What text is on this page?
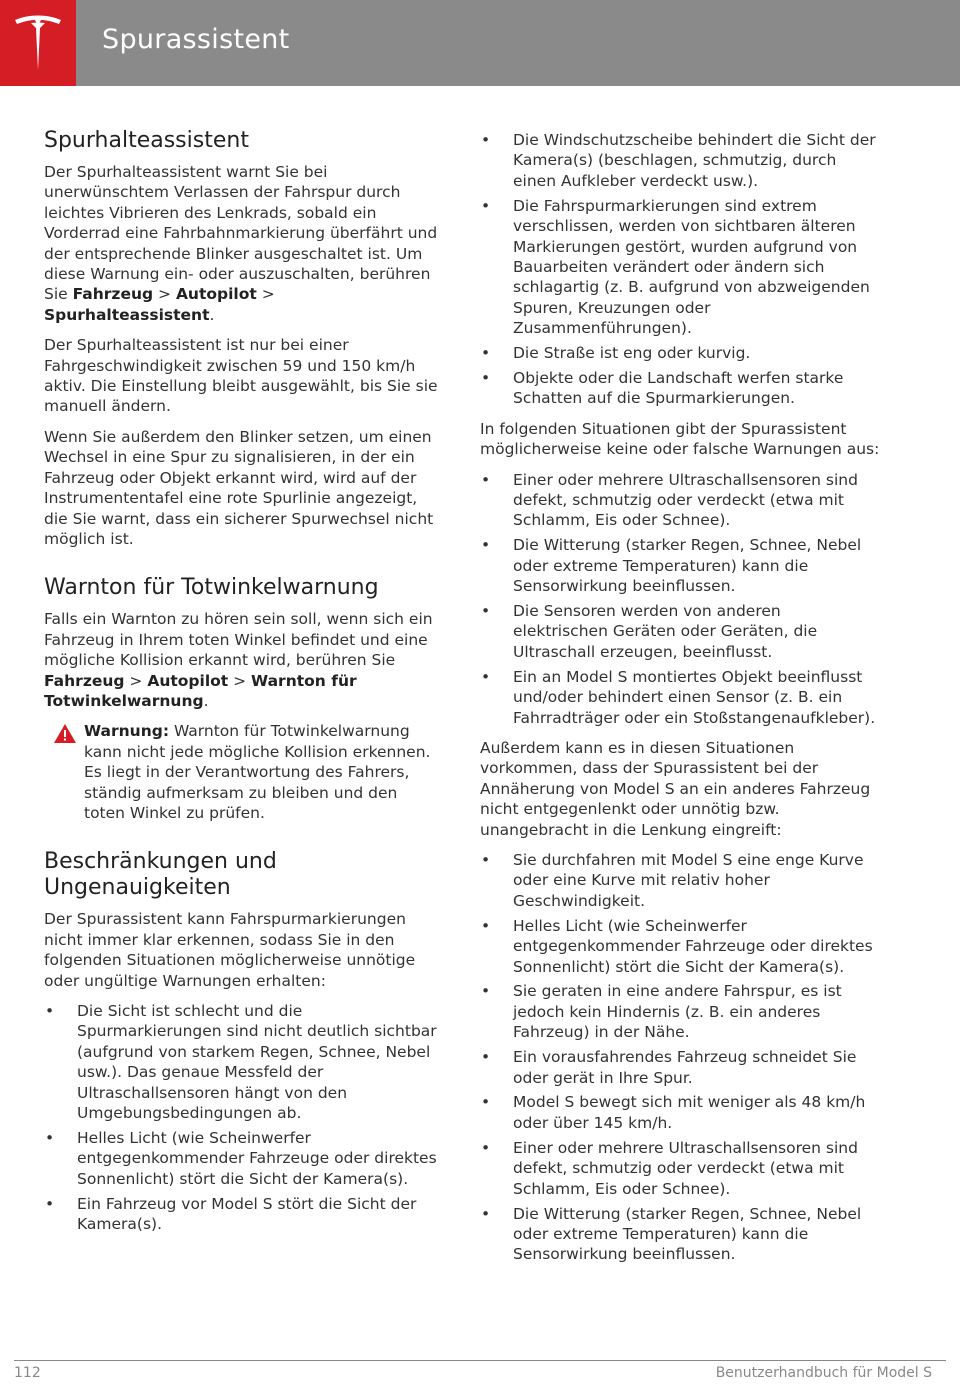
Spurassistent
Spurhalteassistent

Der Spurhalteassistent warnt Sie bei unerwünschtem Verlassen der Fahrspur durch leichtes Vibrieren des Lenkrads, sobald ein Vorderrad eine Fahrbahnmarkierung überfährt und der entsprechende Blinker ausgeschaltet ist. Um diese Warnung ein- oder auszuschalten, berühren Sie Fahrzeug > Autopilot > Spurhalteassistent.

Der Spurhalteassistent ist nur bei einer Fahrgeschwindigkeit zwischen 59 und 150 km/h aktiv. Die Einstellung bleibt ausgewählt, bis Sie sie manuell ändern.

Wenn Sie außerdem den Blinker setzen, um einen Wechsel in eine Spur zu signalisieren, in der ein Fahrzeug oder Objekt erkannt wird, wird auf der Instrumententafel eine rote Spurlinie angezeigt, die Sie warnt, dass ein sicherer Spurwechsel nicht möglich ist.

Warnton für Totwinkelwarnung

Falls ein Warnton zu hören sein soll, wenn sich ein Fahrzeug in Ihrem toten Winkel befindet und eine mögliche Kollision erkannt wird, berühren Sie Fahrzeug > Autopilot > Warnton für Totwinkelwarnung.

Warnung: Warnton für Totwinkelwarnung kann nicht jede mögliche Kollision erkennen. Es liegt in der Verantwortung des Fahrers, ständig aufmerksam zu bleiben und den toten Winkel zu prüfen.
Beschränkungen und Ungenauigkeiten

Der Spurassistent kann Fahrspurmarkierungen nicht immer klar erkennen, sodass Sie in den folgenden Situationen möglicherweise unnötige oder ungültige Warnungen erhalten:

• Die Sicht ist schlecht und die Spurmarkierungen sind nicht deutlich sichtbar (aufgrund von starkem Regen, Schnee, Nebel usw.). Das genaue Messfeld der Ultraschallsensoren hängt von den Umgebungsbedingungen ab.
• Helles Licht (wie Scheinwerfer entgegenkommender Fahrzeuge oder direktes Sonnenlicht) stört die Sicht der Kamera(s).
• Ein Fahrzeug vor Model S stört die Sicht der Kamera(s).
• Die Windschutzscheibe behindert die Sicht der Kamera(s) (beschlagen, schmutzig, durch einen Aufkleber verdeckt usw.).
• Die Fahrspurmarkierungen sind extrem verschlissen, werden von sichtbaren älteren Markierungen gestört, wurden aufgrund von Bauarbeiten verändert oder ändern sich schlagartig (z. B. aufgrund von abzweigenden Spuren, Kreuzungen oder Zusammenführungen).
• Die Straße ist eng oder kurvig.
• Objekte oder die Landschaft werfen starke Schatten auf die Spurmarkierungen.

In folgenden Situationen gibt der Spurassistent möglicherweise keine oder falsche Warnungen aus:

• Einer oder mehrere Ultraschallsensoren sind defekt, schmutzig oder verdeckt (etwa mit Schlamm, Eis oder Schnee).
• Die Witterung (starker Regen, Schnee, Nebel oder extreme Temperaturen) kann die Sensorwirkung beeinflussen.
• Die Sensoren werden von anderen elektrischen Geräten oder Geräten, die Ultraschall erzeugen, beeinflusst.
• Ein an Model S montiertes Objekt beeinflusst und/oder behindert einen Sensor (z. B. ein Fahrradträger oder ein Stoßstangenaufkleber).

Außerdem kann es in diesen Situationen vorkommen, dass der Spurassistent bei der Annäherung von Model S an ein anderes Fahrzeug nicht entgegenlenkt oder unnötig bzw. unangebracht in die Lenkung eingreift:

• Sie durchfahren mit Model S eine enge Kurve oder eine Kurve mit relativ hoher Geschwindigkeit.
• Helles Licht (wie Scheinwerfer entgegenkommender Fahrzeuge oder direktes Sonnenlicht) stört die Sicht der Kamera(s).
• Sie geraten in eine andere Fahrspur, es ist jedoch kein Hindernis (z. B. ein anderes Fahrzeug) in der Nähe.
• Ein vorausfahrendes Fahrzeug schneidet Sie oder gerät in Ihre Spur.
• Model S bewegt sich mit weniger als 48 km/h oder über 145 km/h.
• Einer oder mehrere Ultraschallsensoren sind defekt, schmutzig oder verdeckt (etwa mit Schlamm, Eis oder Schnee).
• Die Witterung (starker Regen, Schnee, Nebel oder extreme Temperaturen) kann die Sensorwirkung beeinflussen.
112	Benutzerhandbuch für Model S
